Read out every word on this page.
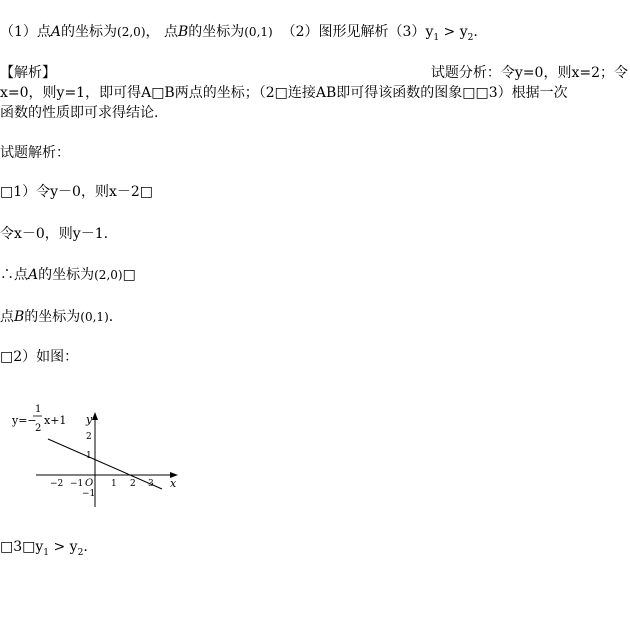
（1）点A的坐标为(2,0)， 点B的坐标为(0,1) （2）图形见解析$(3)y_1 > y_2$.
【解析】	试题分析：令y=0，则x=2；令
x=0，则y=1，即可得A□B两点的坐标；（2□连接AB即可得该函数的图象□□3）根据一次
函数的性质即可求得结论.
试题解析：
□1）令y－0，则x－2□
令x－0，则y－1.
∴点A的坐标为(2,0)□
点B的坐标为(0,1).
□2）如图：
y=−
1
2
x+1 y
x
O
−2 −1	1 2 3
2
1
−1
$□3□y_1 > y_2$.
